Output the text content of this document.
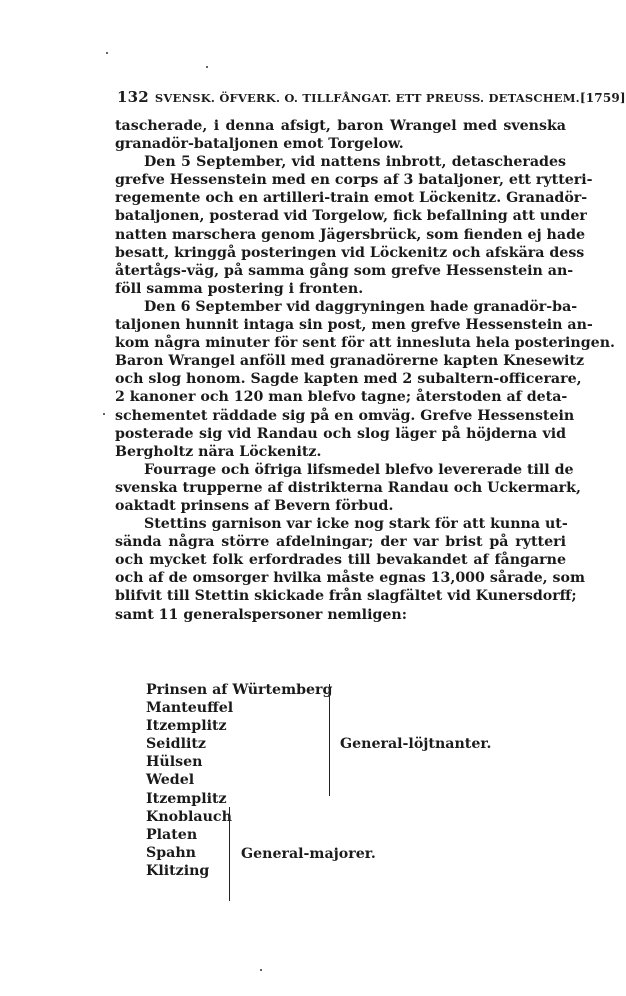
132 SVENSK. ÖFVERK. O. TILLFÅNGAT. ETT PREUSS. DETASCHEM. [1759]
tascherade, i denna afsigt, baron Wrangel med svenska
granadör-bataljonen emot Torgelow.
Den 5 September, vid nattens inbrott, detascherades
grefve Hessenstein med en corps af 3 bataljoner, ett rytteri-
regemente och en artilleri-train emot Löckenitz. Granadör-
bataljonen, posterad vid Torgelow, fick befallning att under
natten marschera genom Jägersbrück, som fienden ej hade
besatt, kringgå posteringen vid Löckenitz och afskära dess
återtågs-väg, på samma gång som grefve Hessenstein an-
föll samma postering i fronten.
Den 6 September vid daggryningen hade granadör-ba-
taljonen hunnit intaga sin post, men grefve Hessenstein an-
kom några minuter för sent för att innesluta hela posteringen.
Baron Wrangel anföll med granadörerne kapten Knesewitz
och slog honom. Sagde kapten med 2 subaltern-officerare,
2 kanoner och 120 man blefvo tagne; återstoden af deta-
schementet räddade sig på en omväg. Grefve Hessenstein
posterade sig vid Randau och slog läger på höjderna vid
Bergholtz nära Löckenitz.
Fourrage och öfriga lifsmedel blefvo levererade till de
svenska trupperne af distrikterna Randau och Uckermark,
oaktadt prinsens af Bevern förbud.
Stettins garnison var icke nog stark för att kunna ut-
sända några större afdelningar; der var brist på rytteri
och mycket folk erfordrades till bevakandet af fångarne
och af de omsorger hvilka måste egnas 13,000 sårade, som
blifvit till Stettin skickade från slagfältet vid Kunersdorff;
samt 11 generalspersoner nemligen:
Prinsen af Würtemberg
Manteuffel
Itzemplitz
Seidlitz
Hülsen
Wedel
Itzemplitz
Knoblauch
Platen
Spahn
Klitzing
General-löjtnanter.
General-majorer.
